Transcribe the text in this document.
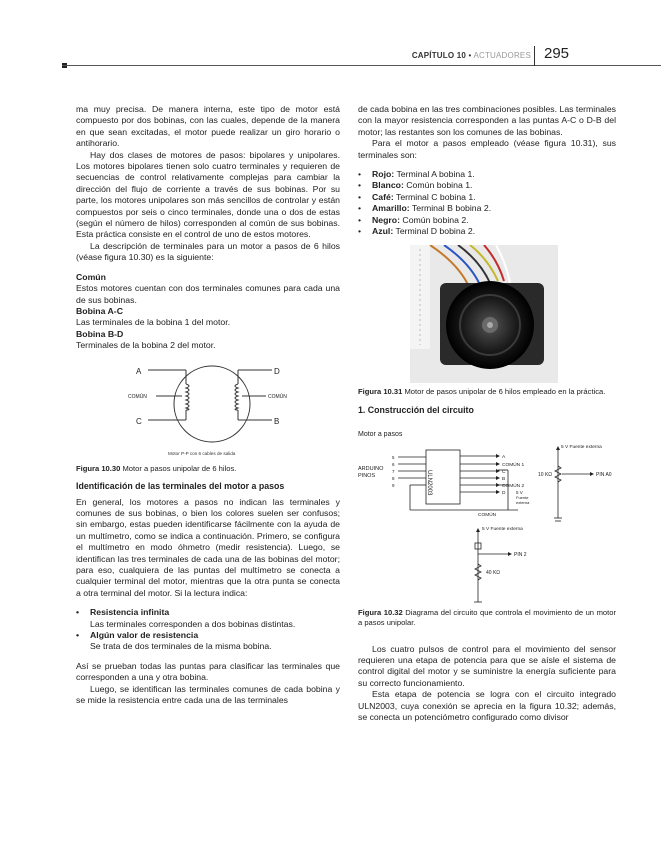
CAPÍTULO 10 • ACTUADORES 295

ma muy precisa. De manera interna, este tipo de motor está compuesto por dos bobinas, con las cuales, depende de la manera en que sean excitadas, el motor puede realizar un giro horario o antihorario.

Hay dos clases de motores de pasos: bipolares y unipolares. Los motores bipolares tienen solo cuatro terminales y requieren de secuencias de control relativamente complejas para cambiar la dirección del flujo de corriente a través de sus bobinas. Por su parte, los motores unipolares son más sencillos de controlar y están compuestos por seis o cinco terminales, donde una o dos de estas (según el número de hilos) corresponden al común de sus bobinas. Esta práctica consiste en el control de uno de estos motores.

La descripción de terminales para un motor a pasos de 6 hilos (véase figura 10.30) es la siguiente:

Común

Estos motores cuentan con dos terminales comunes para cada una de sus bobinas.

Bobina A-C

Las terminales de la bobina 1 del motor.

Bobina B-D

Terminales de la bobina 2 del motor.

A
C
D
B
COMÚN	COMÚN
Motor P-P con 6 cables de salida

Figura 10.30 Motor a pasos unipolar de 6 hilos.

Identificación de las terminales del motor a pasos

En general, los motores a pasos no indican las terminales y comunes de sus bobinas, o bien los colores suelen ser confusos; sin embargo, estas pueden identificarse fácilmente con la ayuda de un multímetro, como se indica a continuación. Primero, se configura el multímetro en modo óhmetro (medir resistencia). Luego, se identifican las tres terminales de cada una de las bobinas del motor; para eso, cualquiera de las puntas del multímetro se conecta a cualquier terminal del motor, mientras que la otra punta se conecta a otra terminal del motor. Si la lectura indica:

• Resistencia infinita
Las terminales corresponden a dos bobinas distintas.
• Algún valor de resistencia
Se trata de dos terminales de la misma bobina.

Así se prueban todas las puntas para clasificar las terminales que corresponden a una y otra bobina.

Luego, se identifican las terminales comunes de cada bobina y se mide la resistencia entre cada una de las terminales

de cada bobina en las tres combinaciones posibles. Las terminales con la mayor resistencia corresponden a las puntas A-C o D-B del motor; las restantes son los comunes de las bobinas.

Para el motor a pasos empleado (véase figura 10.31), sus terminales son:

• Rojo: Terminal A bobina 1.
• Blanco: Común bobina 1.
• Café: Terminal C bobina 1.
• Amarillo: Terminal B bobina 2.
• Negro: Común bobina 2.
• Azul: Terminal D bobina 2.

Figura 10.31 Motor de pasos unipolar de 6 hilos empleado en la práctica.

1. Construcción del circuito
Motor a pasos
ARDUINO
PINOS
5
6
7
8
9	ULN2003
A
COMÚN 1
C
B
COMÚN 2
D 5 V
Fuente
externa
COMÚN
5 V Fuente externa
10 KΩ	PIN A0
5 V Fuente externa
PIN 2
40 KΩ

Figura 10.32 Diagrama del circuito que controla el movimiento de un motor a pasos unipolar.

Los cuatro pulsos de control para el movimiento del sensor requieren una etapa de potencia para que se aísle el sistema de control digital del motor y se suministre la energía suficiente para su correcto funcionamiento.

Esta etapa de potencia se logra con el circuito integrado ULN2003, cuya conexión se aprecia en la figura 10.32; además, se conecta un potenciómetro configurado como divisor
